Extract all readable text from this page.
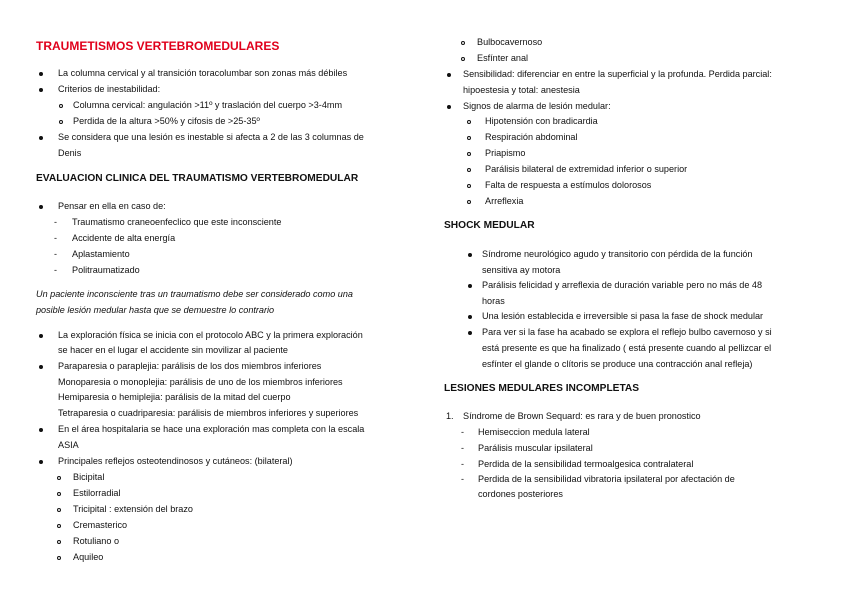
TRAUMETISMOS VERTEBROMEDULARES
La columna cervical y al transición toracolumbar son zonas más débiles
Criterios de inestabilidad:
Columna cervical: angulación >11º y traslación del cuerpo >3-4mm
Perdida de la altura >50% y cifosis de >25-35º
Se considera que una lesión es inestable si afecta a 2 de las 3 columnas de
Denis
EVALUACION CLINICA DEL TRAUMATISMO VERTEBROMEDULAR
Pensar en ella en caso de:
- Traumatismo craneoenfeclico que este inconsciente
- Accidente de alta energía
- Aplastamiento
- Politraumatizado
Un paciente inconsciente tras un traumatismo debe ser considerado como una
posible lesión medular hasta que se demuestre lo contrario
La exploración física se inicia con el protocolo ABC y la primera exploración
se hacer en el lugar el accidente sin movilizar al paciente
Paraparesia o paraplejia: parálisis de los dos miembros inferiores
Monoparesia o monoplejia: parálisis de uno de los miembros inferiores
Hemiparesia o hemiplejia: parálisis de la mitad del cuerpo
Tetraparesia o cuadriparesia: parálisis de miembros inferiores y superiores
En el área hospitalaria se hace una exploración mas completa con la escala
ASIA
Principales reflejos osteotendinosos y cutáneos: (bilateral)
Bicipital
Estilorradial
Tricipital : extensión del brazo
Cremasterico
Rotuliano o
Aquileo
Bulbocavernoso
Esfínter anal
Sensibilidad: diferenciar en entre la superficial y la profunda. Perdida parcial:
hipoestesia y total: anestesia
Signos de alarma de lesión medular:
Hipotensión con bradicardia
Respiración abdominal
Priapismo
Parálisis bilateral de extremidad inferior o superior
Falta de respuesta a estímulos dolorosos
Arreflexia
SHOCK MEDULAR
Síndrome neurológico agudo y transitorio con pérdida de la función
sensitiva ay motora
Parálisis felicidad y arreflexia de duración variable pero no más de 48
horas
Una lesión establecida e irreversible si pasa la fase de shock medular
Para ver si la fase ha acabado se explora el reflejo bulbo cavernoso y si
está presente es que ha finalizado ( está presente cuando al pellizcar el
esfínter el glande o clítoris se produce una contracción anal refleja)
LESIONES MEDULARES INCOMPLETAS
1. Síndrome de Brown Sequard: es rara y de buen pronostico
- Hemiseccion medula lateral
- Parálisis muscular ipsilateral
- Perdida de la sensibilidad termoalgesica contralateral
- Perdida de la sensibilidad vibratoria ipsilateral por afectación de
cordones posteriores
